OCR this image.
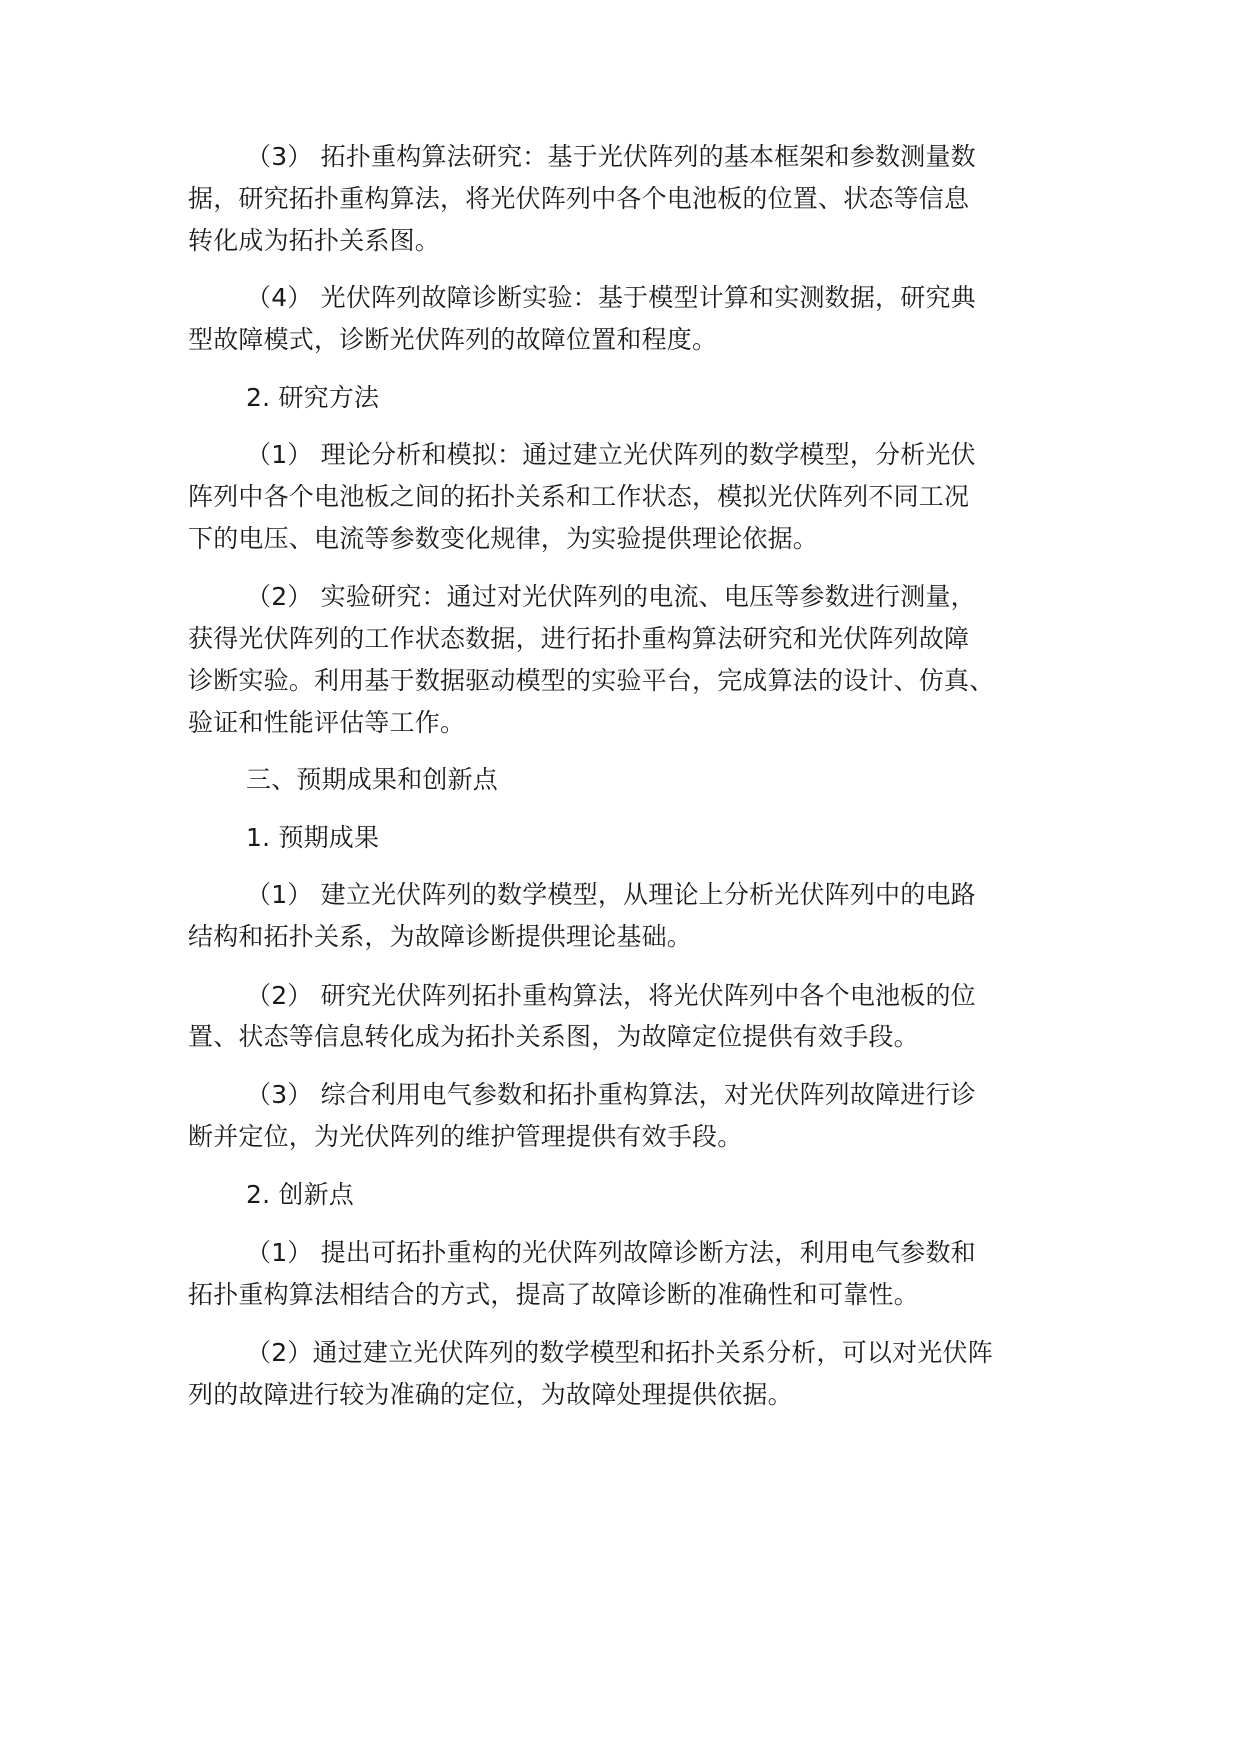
（3） 拓扑重构算法研究：基于光伏阵列的基本框架和参数测量数
据，研究拓扑重构算法，将光伏阵列中各个电池板的位置、状态等信息
转化成为拓扑关系图。
（4） 光伏阵列故障诊断实验：基于模型计算和实测数据，研究典
型故障模式，诊断光伏阵列的故障位置和程度。
2. 研究方法
（1） 理论分析和模拟：通过建立光伏阵列的数学模型，分析光伏
阵列中各个电池板之间的拓扑关系和工作状态，模拟光伏阵列不同工况
下的电压、电流等参数变化规律，为实验提供理论依据。
（2） 实验研究：通过对光伏阵列的电流、电压等参数进行测量，
获得光伏阵列的工作状态数据，进行拓扑重构算法研究和光伏阵列故障
诊断实验。利用基于数据驱动模型的实验平台，完成算法的设计、仿真、
验证和性能评估等工作。
三、预期成果和创新点
1. 预期成果
（1） 建立光伏阵列的数学模型，从理论上分析光伏阵列中的电路
结构和拓扑关系，为故障诊断提供理论基础。
（2） 研究光伏阵列拓扑重构算法，将光伏阵列中各个电池板的位
置、状态等信息转化成为拓扑关系图，为故障定位提供有效手段。
（3） 综合利用电气参数和拓扑重构算法，对光伏阵列故障进行诊
断并定位，为光伏阵列的维护管理提供有效手段。
2. 创新点
（1） 提出可拓扑重构的光伏阵列故障诊断方法，利用电气参数和
拓扑重构算法相结合的方式，提高了故障诊断的准确性和可靠性。
（2）通过建立光伏阵列的数学模型和拓扑关系分析，可以对光伏阵
列的故障进行较为准确的定位，为故障处理提供依据。
